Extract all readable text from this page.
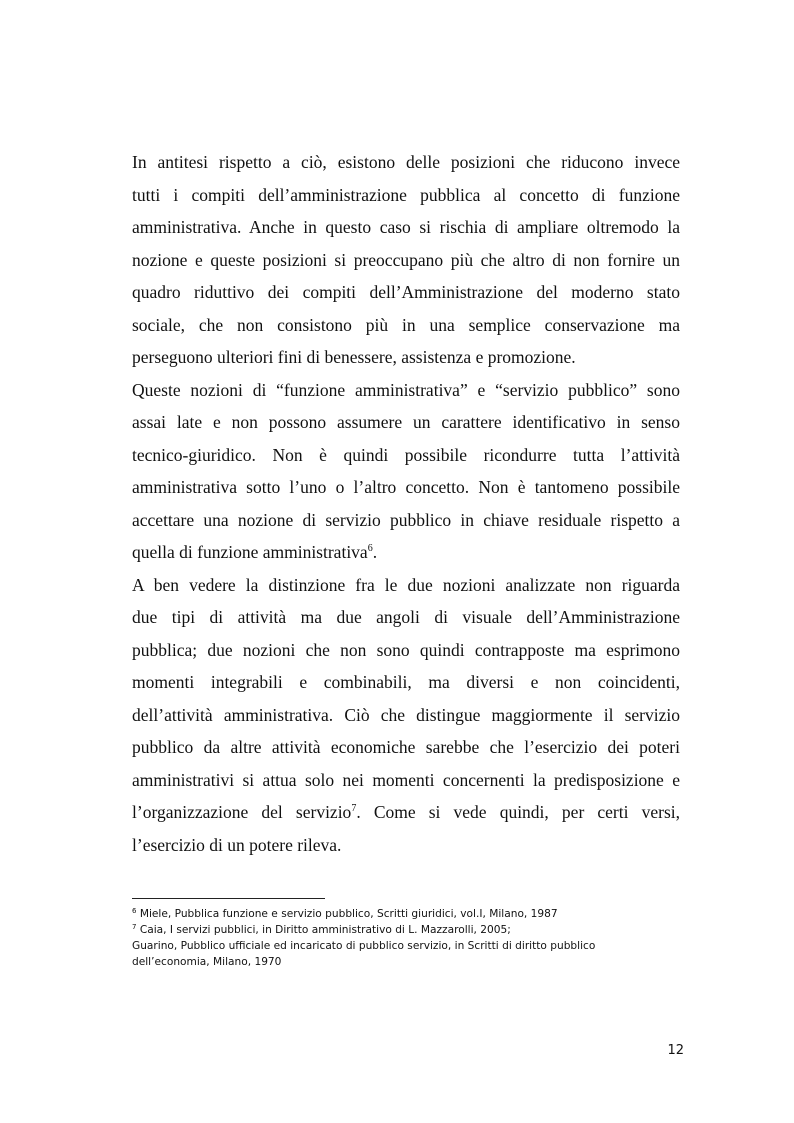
In antitesi rispetto a ciò, esistono delle posizioni che riducono invece
tutti i compiti dell’amministrazione pubblica al concetto di funzione
amministrativa. Anche in questo caso si rischia di ampliare oltremodo la
nozione e queste posizioni si preoccupano più che altro di non fornire un
quadro riduttivo dei compiti dell’Amministrazione del moderno stato
sociale, che non consistono più in una semplice conservazione ma
perseguono ulteriori fini di benessere, assistenza e promozione.
Queste nozioni di “funzione amministrativa” e “servizio pubblico” sono
assai late e non possono assumere un carattere identificativo in senso
tecnico-giuridico. Non è quindi possibile ricondurre tutta l’attività
amministrativa sotto l’uno o l’altro concetto. Non è tantomeno possibile
accettare una nozione di servizio pubblico in chiave residuale rispetto a
quella di funzione amministrativa$^6$.
A ben vedere la distinzione fra le due nozioni analizzate non riguarda
due tipi di attività ma due angoli di visuale dell’Amministrazione
pubblica; due nozioni che non sono quindi contrapposte ma esprimono
momenti integrabili e combinabili, ma diversi e non coincidenti,
dell’attività amministrativa. Ciò che distingue maggiormente il servizio
pubblico da altre attività economiche sarebbe che l’esercizio dei poteri
amministrativi si attua solo nei momenti concernenti la predisposizione e
l’organizzazione del servizio$^7$. Come si vede quindi, per certi versi,
l’esercizio di un potere rileva.
$^6$ Miele, Pubblica funzione e servizio pubblico, Scritti giuridici, vol.I, Milano, 1987
$^7$ Caia, I servizi pubblici, in Diritto amministrativo di L. Mazzarolli, 2005;
Guarino, Pubblico ufficiale ed incaricato di pubblico servizio, in Scritti di diritto pubblico
dell’economia, Milano, 1970
12
